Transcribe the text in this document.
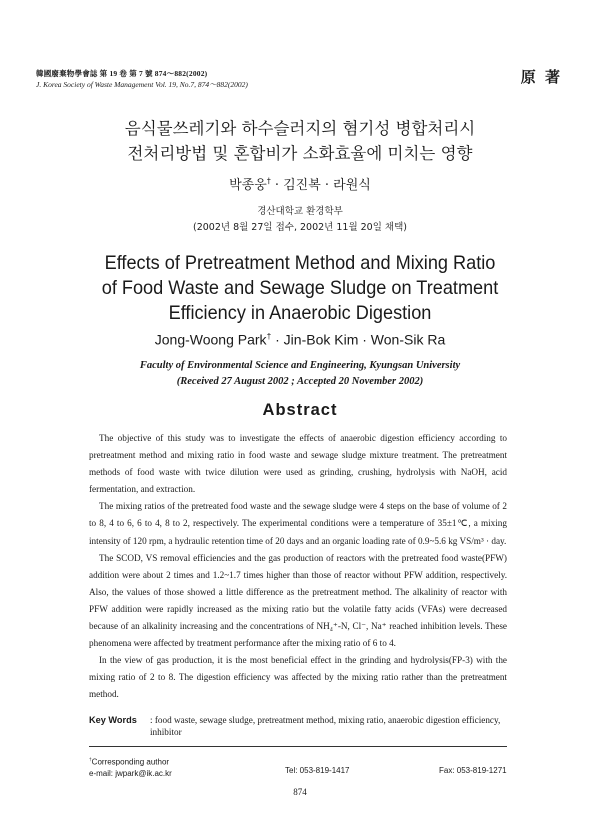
韓國廢棄物學會誌 第 19 卷 第 7 號 874～882(2002)
J. Korea Society of Waste Management Vol. 19, No.7, 874～882(2002)	原 著
음식물쓰레기와 하수슬러지의 혐기성 병합처리시
전처리방법 및 혼합비가 소화효율에 미치는 영향
박종웅† · 김진복 · 라원식
경산대학교 환경학부
(2002년 8월 27일 접수, 2002년 11월 20일 채택)
Effects of Pretreatment Method and Mixing Ratio
of Food Waste and Sewage Sludge on Treatment
Efficiency in Anaerobic Digestion
Jong-Woong Park† · Jin-Bok Kim · Won-Sik Ra
Faculty of Environmental Science and Engineering, Kyungsan University
(Received 27 August 2002 ; Accepted 20 November 2002)
Abstract

The objective of this study was to investigate the effects of anaerobic digestion efficiency according to pretreatment method and mixing ratio in food waste and sewage sludge mixture treatment. The pretreatment methods of food waste with twice dilution were used as grinding, crushing, hydrolysis with NaOH, acid fermentation, and extraction.

The mixing ratios of the pretreated food waste and the sewage sludge were 4 steps on the base of volume of 2 to 8, 4 to 6, 6 to 4, 8 to 2, respectively. The experimental conditions were a temperature of 35±1℃, a mixing intensity of 120 rpm, a hydraulic retention time of 20 days and an organic loading rate of 0.9~5.6 kg VS/m³ · day.

The SCOD, VS removal efficiencies and the gas production of reactors with the pretreated food waste(PFW) addition were about 2 times and 1.2~1.7 times higher than those of reactor without PFW addition, respectively. Also, the values of those showed a little difference as the pretreatment method. The alkalinity of reactor with PFW addition were rapidly increased as the mixing ratio but the volatile fatty acids (VFAs) were decreased because of an alkalinity increasing and the concentrations of NH₄⁺-N, Cl⁻, Na⁺ reached inhibition levels. These phenomena were affected by treatment performance after the mixing ratio of 6 to 4.

In the view of gas production, it is the most beneficial effect in the grinding and hydrolysis(FP-3) with the mixing ratio of 2 to 8. The digestion efficiency was affected by the mixing ratio rather than the pretreatment method.

Key Words : food waste, sewage sludge, pretreatment method, mixing ratio, anaerobic digestion efficiency, inhibitor
†Corresponding author
e-mail: jwpark@ik.ac.kr	Tel: 053-819-1417	Fax: 053-819-1271
874
